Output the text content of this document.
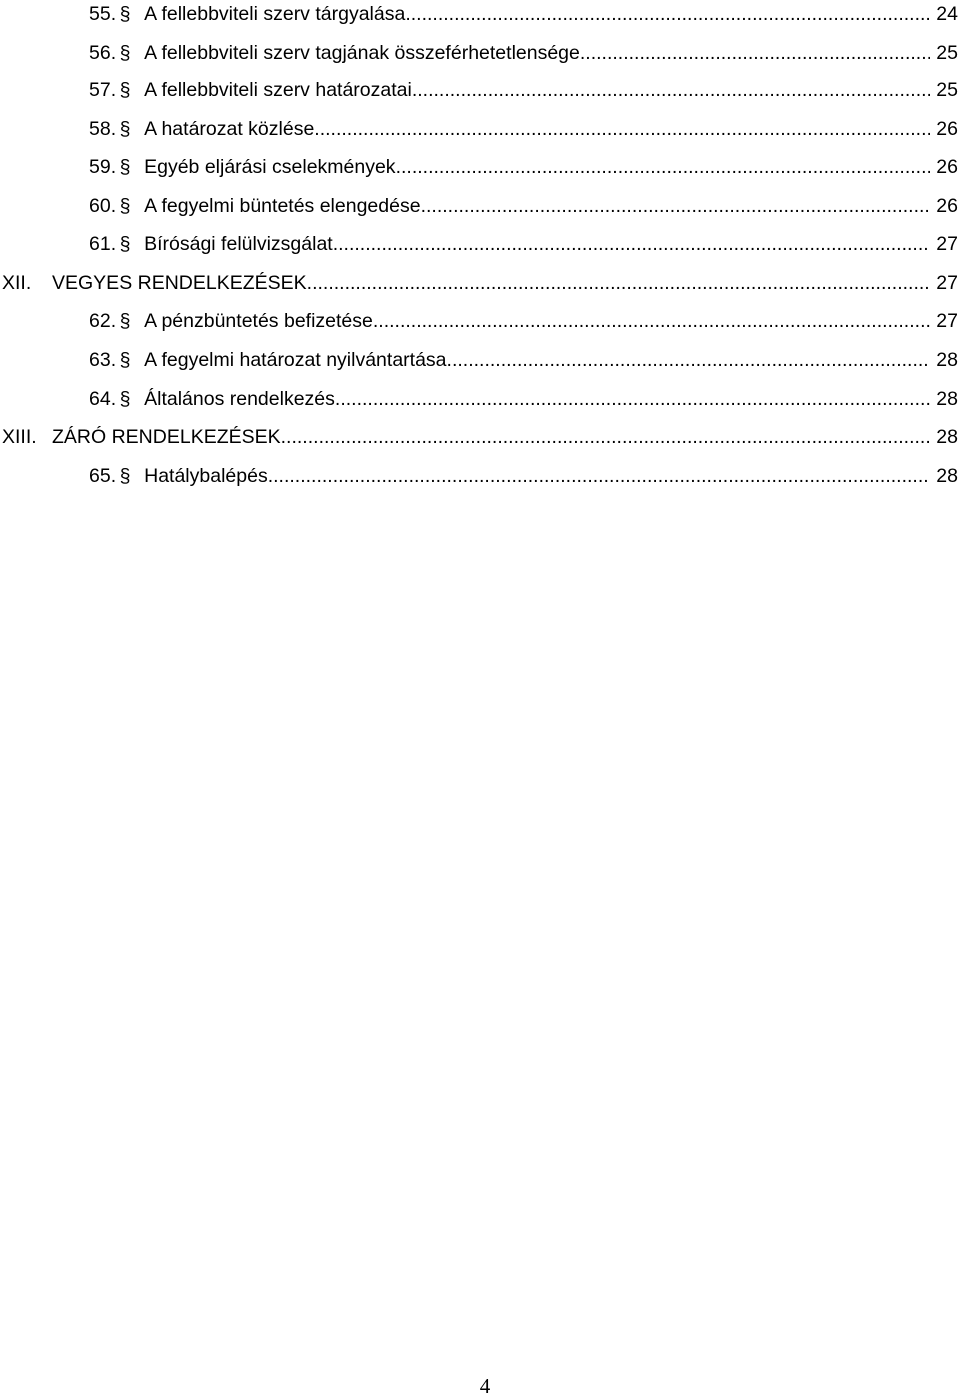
55. § A fellebbviteli szerv tárgyalása .....	24
56. § A fellebbviteli szerv tagjának összeférhetetlensége .....	25
57. § A fellebbviteli szerv határozatai .....	25
58. § A határozat közlése .....	26
59. § Egyéb eljárási cselekmények .....	26
60. § A fegyelmi büntetés elengedése .....	26
61. § Bírósági felülvizsgálat .....	27
XII.	VEGYES RENDELKEZÉSEK .....	27
62. § A pénzbüntetés befizetése .....	27
63. § A fegyelmi határozat nyilvántartása .....	28
64. § Általános rendelkezés .....	28
XIII. ZÁRÓ RENDELKEZÉSEK .....	28
65. § Hatálybalépés .....	28
4
